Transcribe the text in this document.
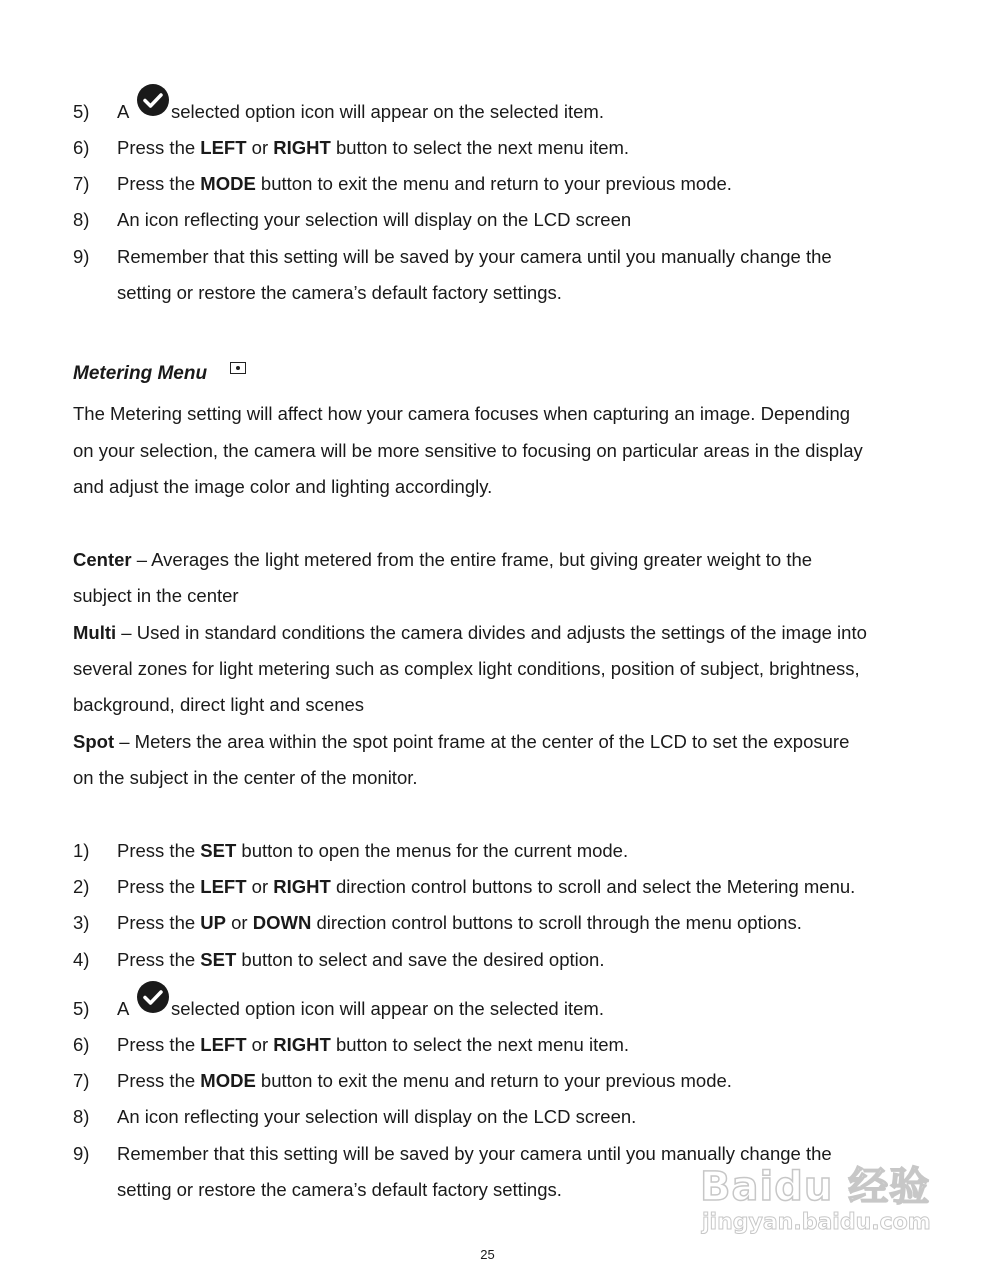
5) A selected option icon will appear on the selected item.
6) Press the LEFT or RIGHT button to select the next menu item.
7) Press the MODE button to exit the menu and return to your previous mode.
8) An icon reflecting your selection will display on the LCD screen
9) Remember that this setting will be saved by your camera until you manually change the
setting or restore the camera’s default factory settings.
Metering Menu
The Metering setting will affect how your camera focuses when capturing an image. Depending
on your selection, the camera will be more sensitive to focusing on particular areas in the display
and adjust the image color and lighting accordingly.
Center – Averages the light metered from the entire frame, but giving greater weight to the
subject in the center
Multi – Used in standard conditions the camera divides and adjusts the settings of the image into
several zones for light metering such as complex light conditions, position of subject, brightness,
background, direct light and scenes
Spot – Meters the area within the spot point frame at the center of the LCD to set the exposure
on the subject in the center of the monitor.
1) Press the SET button to open the menus for the current mode.
2) Press the LEFT or RIGHT direction control buttons to scroll and select the Metering menu.
3) Press the UP or DOWN direction control buttons to scroll through the menu options.
4) Press the SET button to select and save the desired option.
5) A selected option icon will appear on the selected item.
6) Press the LEFT or RIGHT button to select the next menu item.
7) Press the MODE button to exit the menu and return to your previous mode.
8) An icon reflecting your selection will display on the LCD screen.
9) Remember that this setting will be saved by your camera until you manually change the
setting or restore the camera’s default factory settings.	Baidu 经验
jingyan.baidu.com
25
